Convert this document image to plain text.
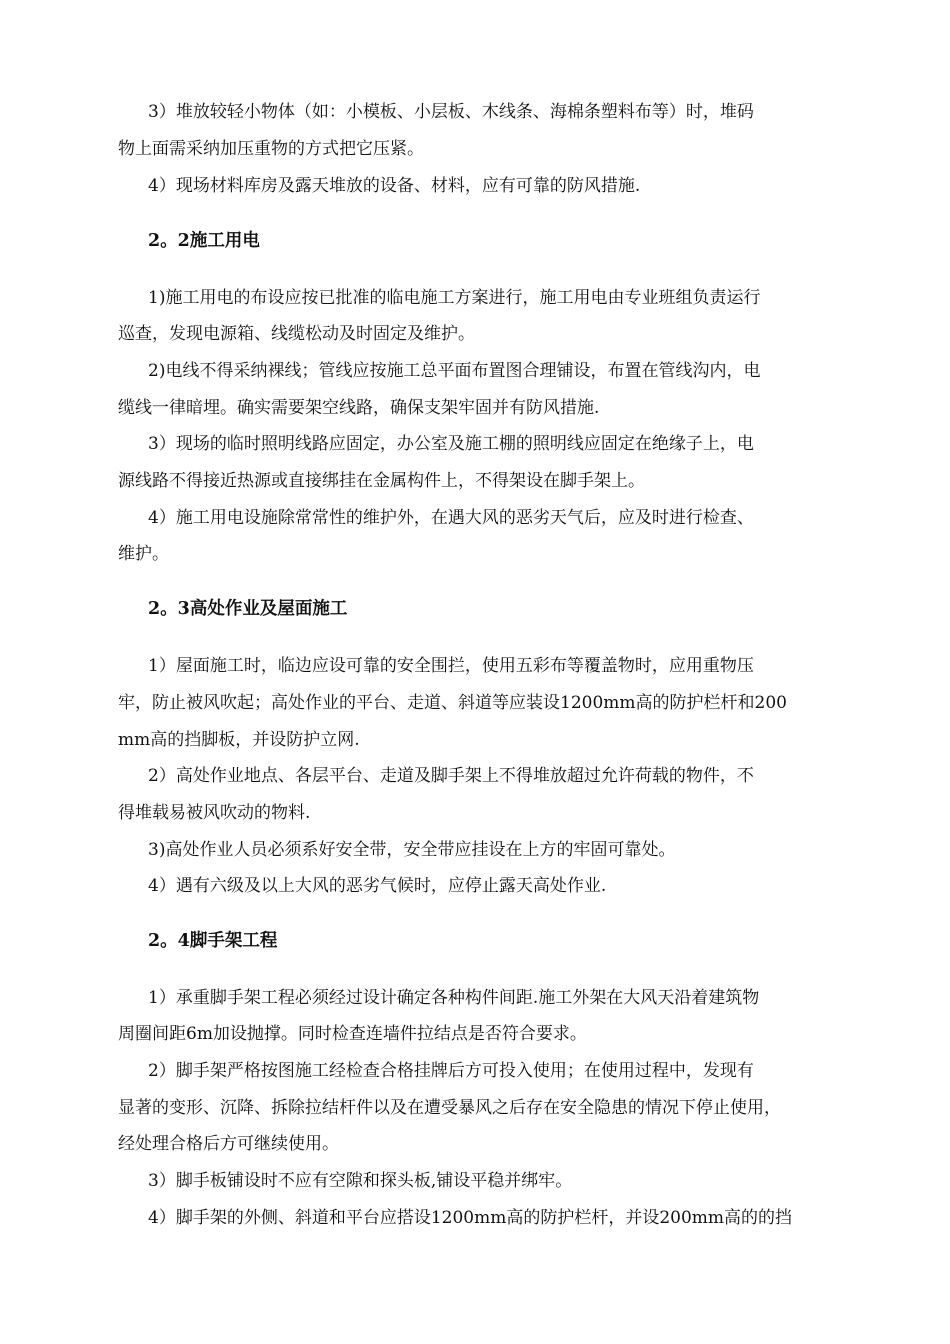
3）堆放较轻小物体（如：小模板、小层板、木线条、海棉条塑料布等）时，堆码
物上面需采纳加压重物的方式把它压紧。
4）现场材料库房及露天堆放的设备、材料，应有可靠的防风措施.
2。2施工用电
1)施工用电的布设应按已批准的临电施工方案进行，施工用电由专业班组负责运行
巡查，发现电源箱、线缆松动及时固定及维护。
2)电线不得采纳裸线；管线应按施工总平面布置图合理铺设，布置在管线沟内，电
缆线一律暗埋。确实需要架空线路，确保支架牢固并有防风措施.
3）现场的临时照明线路应固定，办公室及施工棚的照明线应固定在绝缘子上，电
源线路不得接近热源或直接绑挂在金属构件上，不得架设在脚手架上。
4）施工用电设施除常常性的维护外，在遇大风的恶劣天气后，应及时进行检查、
维护。
2。3高处作业及屋面施工
1）屋面施工时，临边应设可靠的安全围拦，使用五彩布等覆盖物时，应用重物压
牢，防止被风吹起；高处作业的平台、走道、斜道等应装设1200mm高的防护栏杆和200
mm高的挡脚板，并设防护立网.
2）高处作业地点、各层平台、走道及脚手架上不得堆放超过允许荷载的物件，不
得堆载易被风吹动的物料.
3)高处作业人员必须系好安全带，安全带应挂设在上方的牢固可靠处。
4）遇有六级及以上大风的恶劣气候时，应停止露天高处作业.
2。4脚手架工程
1）承重脚手架工程必须经过设计确定各种构件间距.施工外架在大风天沿着建筑物
周圈间距6m加设抛撑。同时检查连墙件拉结点是否符合要求。
2）脚手架严格按图施工经检查合格挂牌后方可投入使用；在使用过程中，发现有
显著的变形、沉降、拆除拉结杆件以及在遭受暴风之后存在安全隐患的情况下停止使用，
经处理合格后方可继续使用。
3）脚手板铺设时不应有空隙和探头板,铺设平稳并绑牢。
4）脚手架的外侧、斜道和平台应搭设1200mm高的防护栏杆，并设200mm高的的挡
